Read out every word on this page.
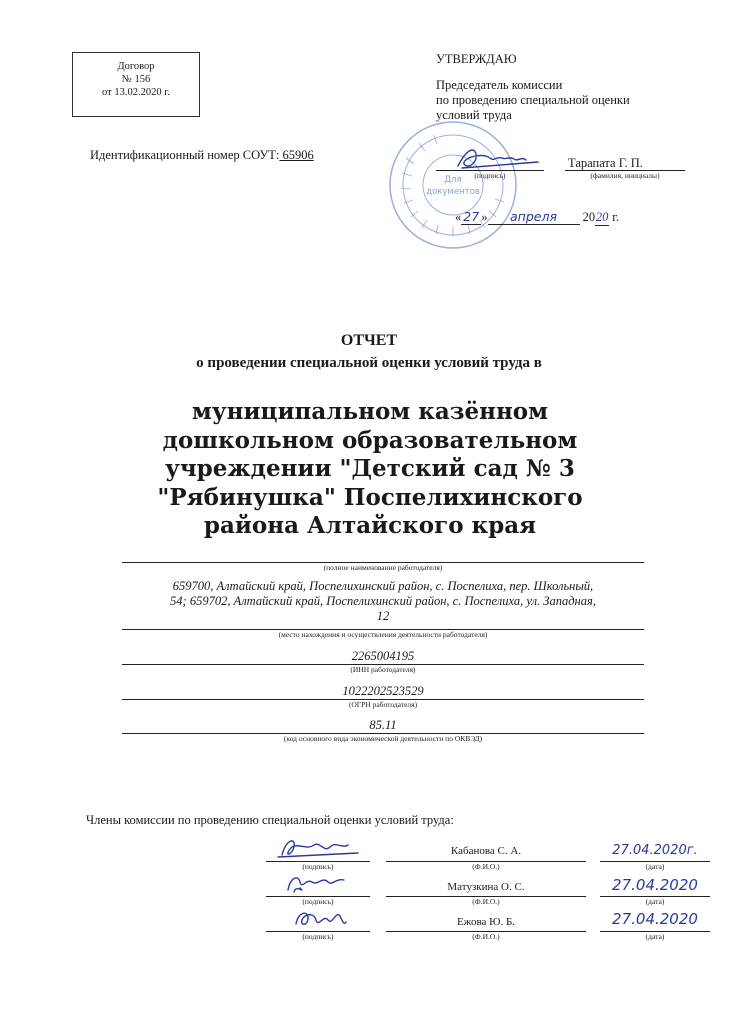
Договор
№ 156
от 13.02.2020 г.
УТВЕРЖДАЮ
Председатель комиссии
по проведению специальной оценки
условий труда
Для
документов
(подпись)
Тарапата Г. П.
(фамилия, инициалы)
« 27 » апреля 2020 г.
Идентификационный номер СОУТ: 65906
ОТЧЕТ
о проведении специальной оценки условий труда в
муниципальном казённом
дошкольном образовательном
учреждении "Детский сад № 3
"Рябинушка" Поспелихинского
района Алтайского края
(полное наименование работодателя)
659700, Алтайский край, Поспелихинский район, с. Поспелиха, пер. Школьный,
54; 659702, Алтайский край, Поспелихинский район, с. Поспелиха, ул. Западная,
12
(место нахождения и осуществления деятельности работодателя)
2265004195
(ИНН работодателя)
1022202523529
(ОГРН работодателя)
85.11
(код основного вида экономической деятельности по ОКВЭД)
Члены комиссии по проведению специальной оценки условий труда:
(подпись)
Кабанова С. А.
(Ф.И.О.)
27.04.2020г.
(дата)
(подпись)
Матузкина О. С.
(Ф.И.О.)
27.04.2020
(дата)
(подпись)
Ежова Ю. Б.
(Ф.И.О.)
27.04.2020
(дата)
